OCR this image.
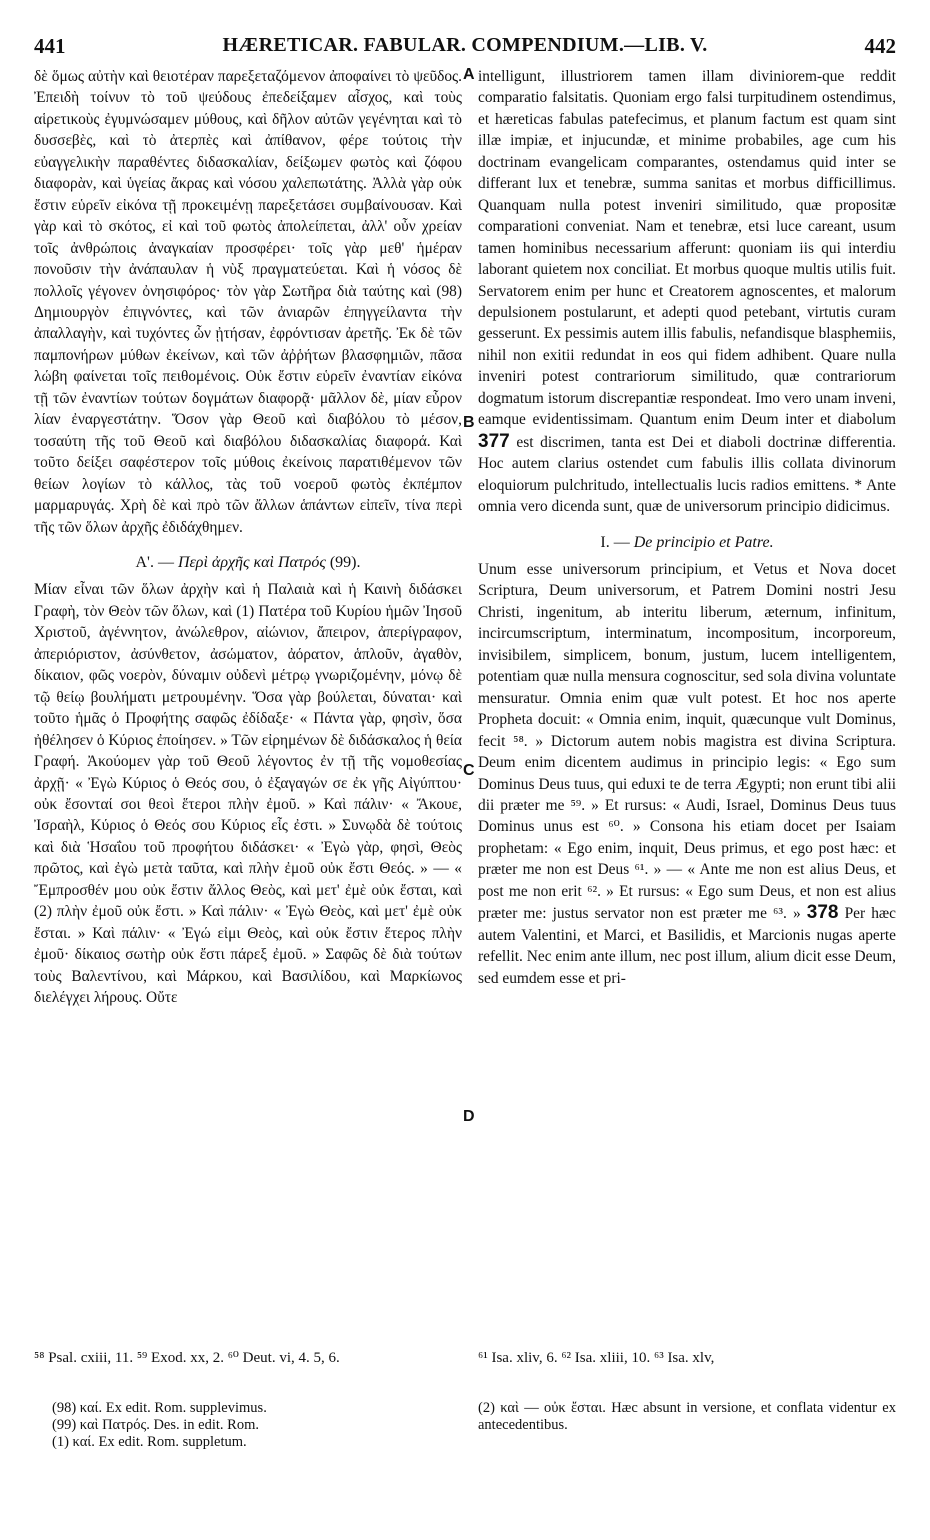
441	HÆRETICAR. FABULAR. COMPENDIUM.—LIB. V.	442

δὲ ὅμως αὐτὴν καὶ θειοτέραν παρεξεταζόμενον ἀποφαίνει τὸ ψεῦδος. Ἐπειδὴ τοίνυν τὸ τοῦ ψεύδους ἐπεδείξαμεν αἶσχος, καὶ τοὺς αἱρετικοὺς ἐγυμνώσαμεν μύθους, καὶ δῆλον αὐτῶν γεγένηται καὶ τὸ δυσσεβὲς, καὶ τὸ ἀτερπὲς καὶ ἀπίθανον, φέρε τούτοις τὴν εὐαγγελικὴν παραθέντες διδασκαλίαν, δείξωμεν φωτὸς καὶ ζόφου διαφορὰν, καὶ ὑγείας ἄκρας καὶ νόσου χαλεπωτάτης. Ἀλλὰ γὰρ οὐκ ἔστιν εὑρεῖν εἰκόνα τῇ προκειμένῃ παρεξετάσει συμβαίνουσαν. Καὶ γὰρ καὶ τὸ σκότος, εἰ καὶ τοῦ φωτὸς ἀπολείπεται, ἀλλ' οὖν χρείαν τοῖς ἀνθρώποις ἀναγκαίαν προσφέρει· τοῖς γὰρ μεθ' ἡμέραν πονοῦσιν τὴν ἀνάπαυλαν ἡ νὺξ πραγματεύεται. Καὶ ἡ νόσος δὲ πολλοῖς γέγονεν ὀνησιφόρος· τὸν γὰρ Σωτῆρα διὰ ταύτης καὶ (98) Δημιουργὸν ἐπιγνόντες, καὶ τῶν ἀνιαρῶν ἐπηγγείλαντα τὴν ἀπαλλαγὴν, καὶ τυχόντες ὧν ᾐτήσαν, ἐφρόντισαν ἀρετῆς. Ἐκ δὲ τῶν παμπονήρων μύθων ἐκείνων, καὶ τῶν ἀῤῥήτων βλασφημιῶν, πᾶσα λώβη φαίνεται τοῖς πειθομένοις. Οὐκ ἔστιν εὑρεῖν ἐναντίαν εἰκόνα τῇ τῶν ἐναντίων τούτων δογμάτων διαφορᾷ· μᾶλλον δὲ, μίαν εὗρον λίαν ἐναργεστάτην. Ὅσον γὰρ Θεοῦ καὶ διαβόλου τὸ μέσον, τοσαύτη τῆς τοῦ Θεοῦ καὶ διαβόλου διδασκαλίας διαφορά. Καὶ τοῦτο δείξει σαφέστερον τοῖς μύθοις ἐκείνοις παρατιθέμενον τῶν θείων λογίων τὸ κάλλος, τὰς τοῦ νοεροῦ φωτὸς ἐκπέμπον μαρμαρυγάς. Χρὴ δὲ καὶ πρὸ τῶν ἄλλων ἁπάντων εἰπεῖν, τίνα περὶ τῆς τῶν ὅλων ἀρχῆς ἐδιδάχθημεν.

Α'. — Περὶ ἀρχῆς καὶ Πατρός (99).

Μίαν εἶναι τῶν ὅλων ἀρχὴν καὶ ἡ Παλαιὰ καὶ ἡ Καινὴ διδάσκει Γραφὴ, τὸν Θεὸν τῶν ὅλων, καὶ (1) Πατέρα τοῦ Κυρίου ἡμῶν Ἰησοῦ Χριστοῦ, ἀγέννητον, ἀνώλεθρον, αἰώνιον, ἄπειρον, ἀπερίγραφον, ἀπεριόριστον, ἀσύνθετον, ἀσώματον, ἀόρατον, ἁπλοῦν, ἀγαθὸν, δίκαιον, φῶς νοερὸν, δύναμιν οὐδενὶ μέτρῳ γνωριζομένην, μόνῳ δὲ τῷ θείῳ βουλήματι μετρουμένην. Ὅσα γὰρ βούλεται, δύναται· καὶ τοῦτο ἡμᾶς ὁ Προφήτης σαφῶς ἐδίδαξε· « Πάντα γὰρ, φησὶν, ὅσα ἠθέλησεν ὁ Κύριος ἐποίησεν. » Τῶν εἰρημένων δὲ διδάσκαλος ἡ θεία Γραφή. Ἀκούομεν γὰρ τοῦ Θεοῦ λέγοντος ἐν τῇ τῆς νομοθεσίας ἀρχῇ· « Ἐγὼ Κύριος ὁ Θεός σου, ὁ ἐξαγαγών σε ἐκ γῆς Αἰγύπτου· οὐκ ἔσονταί σοι θεοὶ ἕτεροι πλὴν ἐμοῦ. » Καὶ πάλιν· « Ἄκουε, Ἰσραὴλ, Κύριος ὁ Θεός σου Κύριος εἷς ἐστι. » Συνῳδὰ δὲ τούτοις καὶ διὰ Ἡσαΐου τοῦ προφήτου διδάσκει· « Ἐγὼ γὰρ, φησὶ, Θεὸς πρῶτος, καὶ ἐγὼ μετὰ ταῦτα, καὶ πλὴν ἐμοῦ οὐκ ἔστι Θεός. » — « Ἔμπροσθέν μου οὐκ ἔστιν ἄλλος Θεὸς, καὶ μετ' ἐμὲ οὐκ ἔσται, καὶ (2) πλὴν ἐμοῦ οὐκ ἔστι. » Καὶ πάλιν· « Ἐγὼ Θεὸς, καὶ μετ' ἐμὲ οὐκ ἔσται. » Καὶ πάλιν· « Ἐγώ εἰμι Θεὸς, καὶ οὐκ ἔστιν ἕτερος πλὴν ἐμοῦ· δίκαιος σωτὴρ οὐκ ἔστι πάρεξ ἐμοῦ. » Σαφῶς δὲ διὰ τούτων τοὺς Βαλεντίνου, καὶ Μάρκου, καὶ Βασιλίδου, καὶ Μαρκίωνος διελέγχει λήρους. Οὔτε

A
B
C
D

intelligunt, illustriorem tamen illam diviniorem-que reddit comparatio falsitatis. Quoniam ergo falsi turpitudinem ostendimus, et hæreticas fabulas patefecimus, et planum factum est quam sint illæ impiæ, et injucundæ, et minime probabiles, age cum his doctrinam evangelicam comparantes, ostendamus quid inter se differant lux et tenebræ, summa sanitas et morbus difficillimus. Quanquam nulla potest inveniri similitudo, quæ propositæ comparationi conveniat. Nam et tenebræ, etsi luce careant, usum tamen hominibus necessarium afferunt: quoniam iis qui interdiu laborant quietem nox conciliat. Et morbus quoque multis utilis fuit. Servatorem enim per hunc et Creatorem agnoscentes, et malorum depulsionem postularunt, et adepti quod petebant, virtutis curam gesserunt. Ex pessimis autem illis fabulis, nefandisque blasphemiis, nihil non exitii redundat in eos qui fidem adhibent. Quare nulla inveniri potest contrariorum similitudo, quæ contrariorum dogmatum istorum discrepantiæ respondeat. Imo vero unam inveni, eamque evidentissimam. Quantum enim Deum inter et diabolum 377 est discrimen, tanta est Dei et diaboli doctrinæ differentia. Hoc autem clarius ostendet cum fabulis illis collata divinorum eloquiorum pulchritudo, intellectualis lucis radios emittens. * Ante omnia vero dicenda sunt, quæ de universorum principio didicimus.

I. — De principio et Patre.

Unum esse universorum principium, et Vetus et Nova docet Scriptura, Deum universorum, et Patrem Domini nostri Jesu Christi, ingenitum, ab interitu liberum, æternum, infinitum, incircumscriptum, interminatum, incompositum, incorporeum, invisibilem, simplicem, bonum, justum, lucem intelligentem, potentiam quæ nulla mensura cognoscitur, sed sola divina voluntate mensuratur. Omnia enim quæ vult potest. Et hoc nos aperte Propheta docuit: « Omnia enim, inquit, quæcunque vult Dominus, fecit ⁵⁸. » Dictorum autem nobis magistra est divina Scriptura. Deum enim dicentem audimus in principio legis: « Ego sum Dominus Deus tuus, qui eduxi te de terra Ægypti; non erunt tibi alii dii præter me ⁵⁹. » Et rursus: « Audi, Israel, Dominus Deus tuus Dominus unus est ⁶⁰. » Consona his etiam docet per Isaiam prophetam: « Ego enim, inquit, Deus primus, et ego post hæc: et præter me non est Deus ⁶¹. » — « Ante me non est alius Deus, et post me non erit ⁶². » Et rursus: « Ego sum Deus, et non est alius præter me: justus servator non est præter me ⁶³. » 378 Per hæc autem Valentini, et Marci, et Basilidis, et Marcionis nugas aperte refellit. Nec enim ante illum, nec post illum, alium dicit esse Deum, sed eumdem esse et pri-

⁵⁸ Psal. cxiii, 11. ⁵⁹ Exod. xx, 2. ⁶⁰ Deut. vi, 4. 5, 6.	⁶¹ Isa. xliv, 6. ⁶² Isa. xliii, 10. ⁶³ Isa. xlv,
(98) καί. Ex edit. Rom. supplevimus.
(99) καὶ Πατρός. Des. in edit. Rom.
(1) καί. Ex edit. Rom. suppletum.
(2) καὶ — οὐκ ἔσται. Hæc absunt in versione, et conflata videntur ex antecedentibus.
